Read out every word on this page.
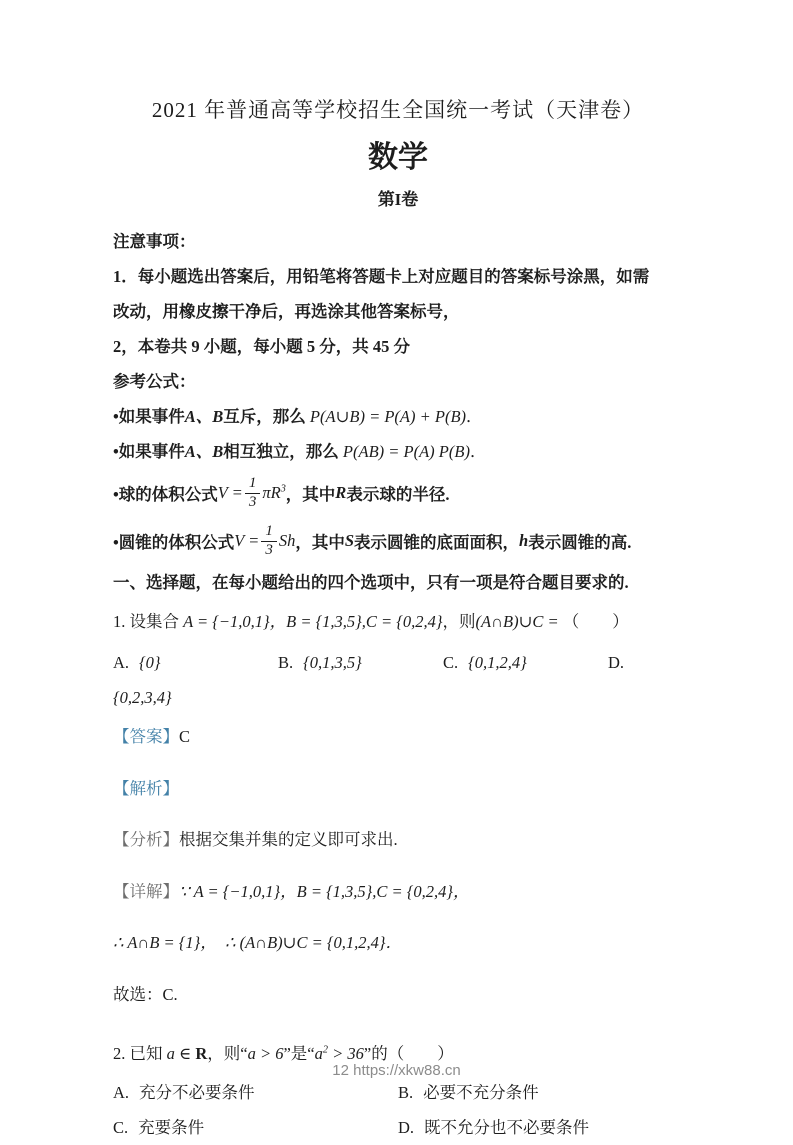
2021 年普通高等学校招生全国统一考试（天津卷）
数学
第I卷

注意事项：

1．每小题选出答案后，用铅笔将答题卡上对应题目的答案标号涂黑，如需

改动，用橡皮擦干净后，再选涂其他答案标号，

2，本卷共 9 小题，每小题 5 分，共 45 分

参考公式：

•如果事件A、B互斥，那么 P(A∪B) = P(A) + P(B)．

•如果事件A、B相互独立，那么 P(AB) = P(A) P(B)．

•球的体积公式 $V = \frac{1}{3} \pi R^3$ ，其中 R 表示球的半径.
•圆锥的体积公式 $V = \frac{1}{3}$ Sh ，其中 S 表示圆锥的底面面积， h 表示圆锥的高.

一、选择题，在每小题给出的四个选项中，只有一项是符合题目要求的.

1. 设集合 A = {−1,0,1}，B = {1,3,5},C = {0,2,4}，则(A∩B)∪C = （　　）

A. {0}	B. {0,1,3,5}	C. {0,1,2,4}	D.

{0,2,3,4}

【答案】C

【解析】

【分析】根据交集并集的定义即可求出.

【详解】∵ A = {−1,0,1}，B = {1,3,5},C = {0,2,4}，

∴ A∩B = {1}，　∴ (A∩B)∪C = {0,1,2,4}．

故选：C.

2. 已知 a ∈ R，则“a > 6”是“$a^2 > 36$”的（　　）

A. 充分不必要条件	B. 必要不充分条件
C. 充要条件	D. 既不允分也不必要条件
12 https://xkw88.cn
